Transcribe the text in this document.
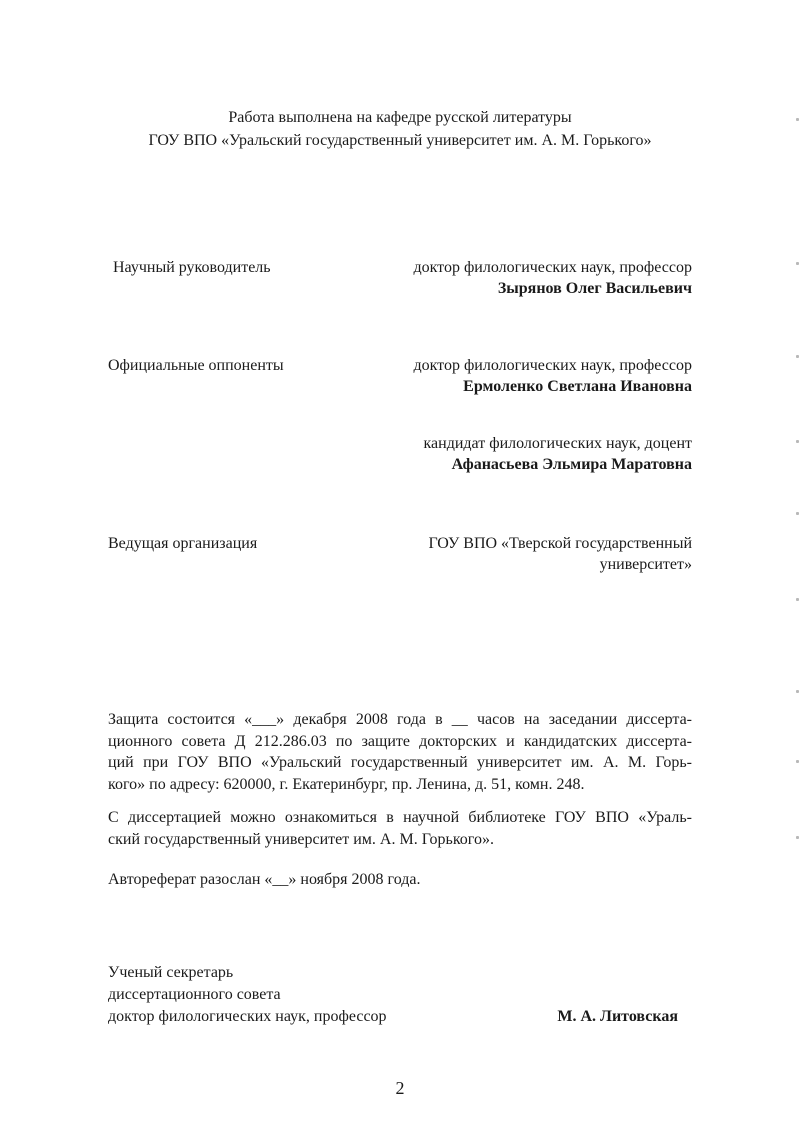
Работа выполнена на кафедре русской литературы
ГОУ ВПО «Уральский государственный университет им. А. М. Горького»
Научный руководитель	доктор филологических наук, профессор
Зырянов Олег Васильевич
Официальные оппоненты	доктор филологических наук, профессор
Ермоленко Светлана Ивановна
кандидат филологических наук, доцент
Афанасьева Эльмира Маратовна
Ведущая организация	ГОУ ВПО «Тверской государственный
университет»
Защита состоится «___» декабря 2008 года в __ часов на заседании диссерта-
ционного совета Д 212.286.03 по защите докторских и кандидатских диссерта-
ций при ГОУ ВПО «Уральский государственный университет им. А. М. Горь-
кого» по адресу: 620000, г. Екатеринбург, пр. Ленина, д. 51, комн. 248.
С диссертацией можно ознакомиться в научной библиотеке ГОУ ВПО «Ураль-
ский государственный университет им. А. М. Горького».
Автореферат разослан «__» ноября 2008 года.
Ученый секретарь
диссертационного совета
доктор филологических наук, профессор	М. А. Литовская
2
